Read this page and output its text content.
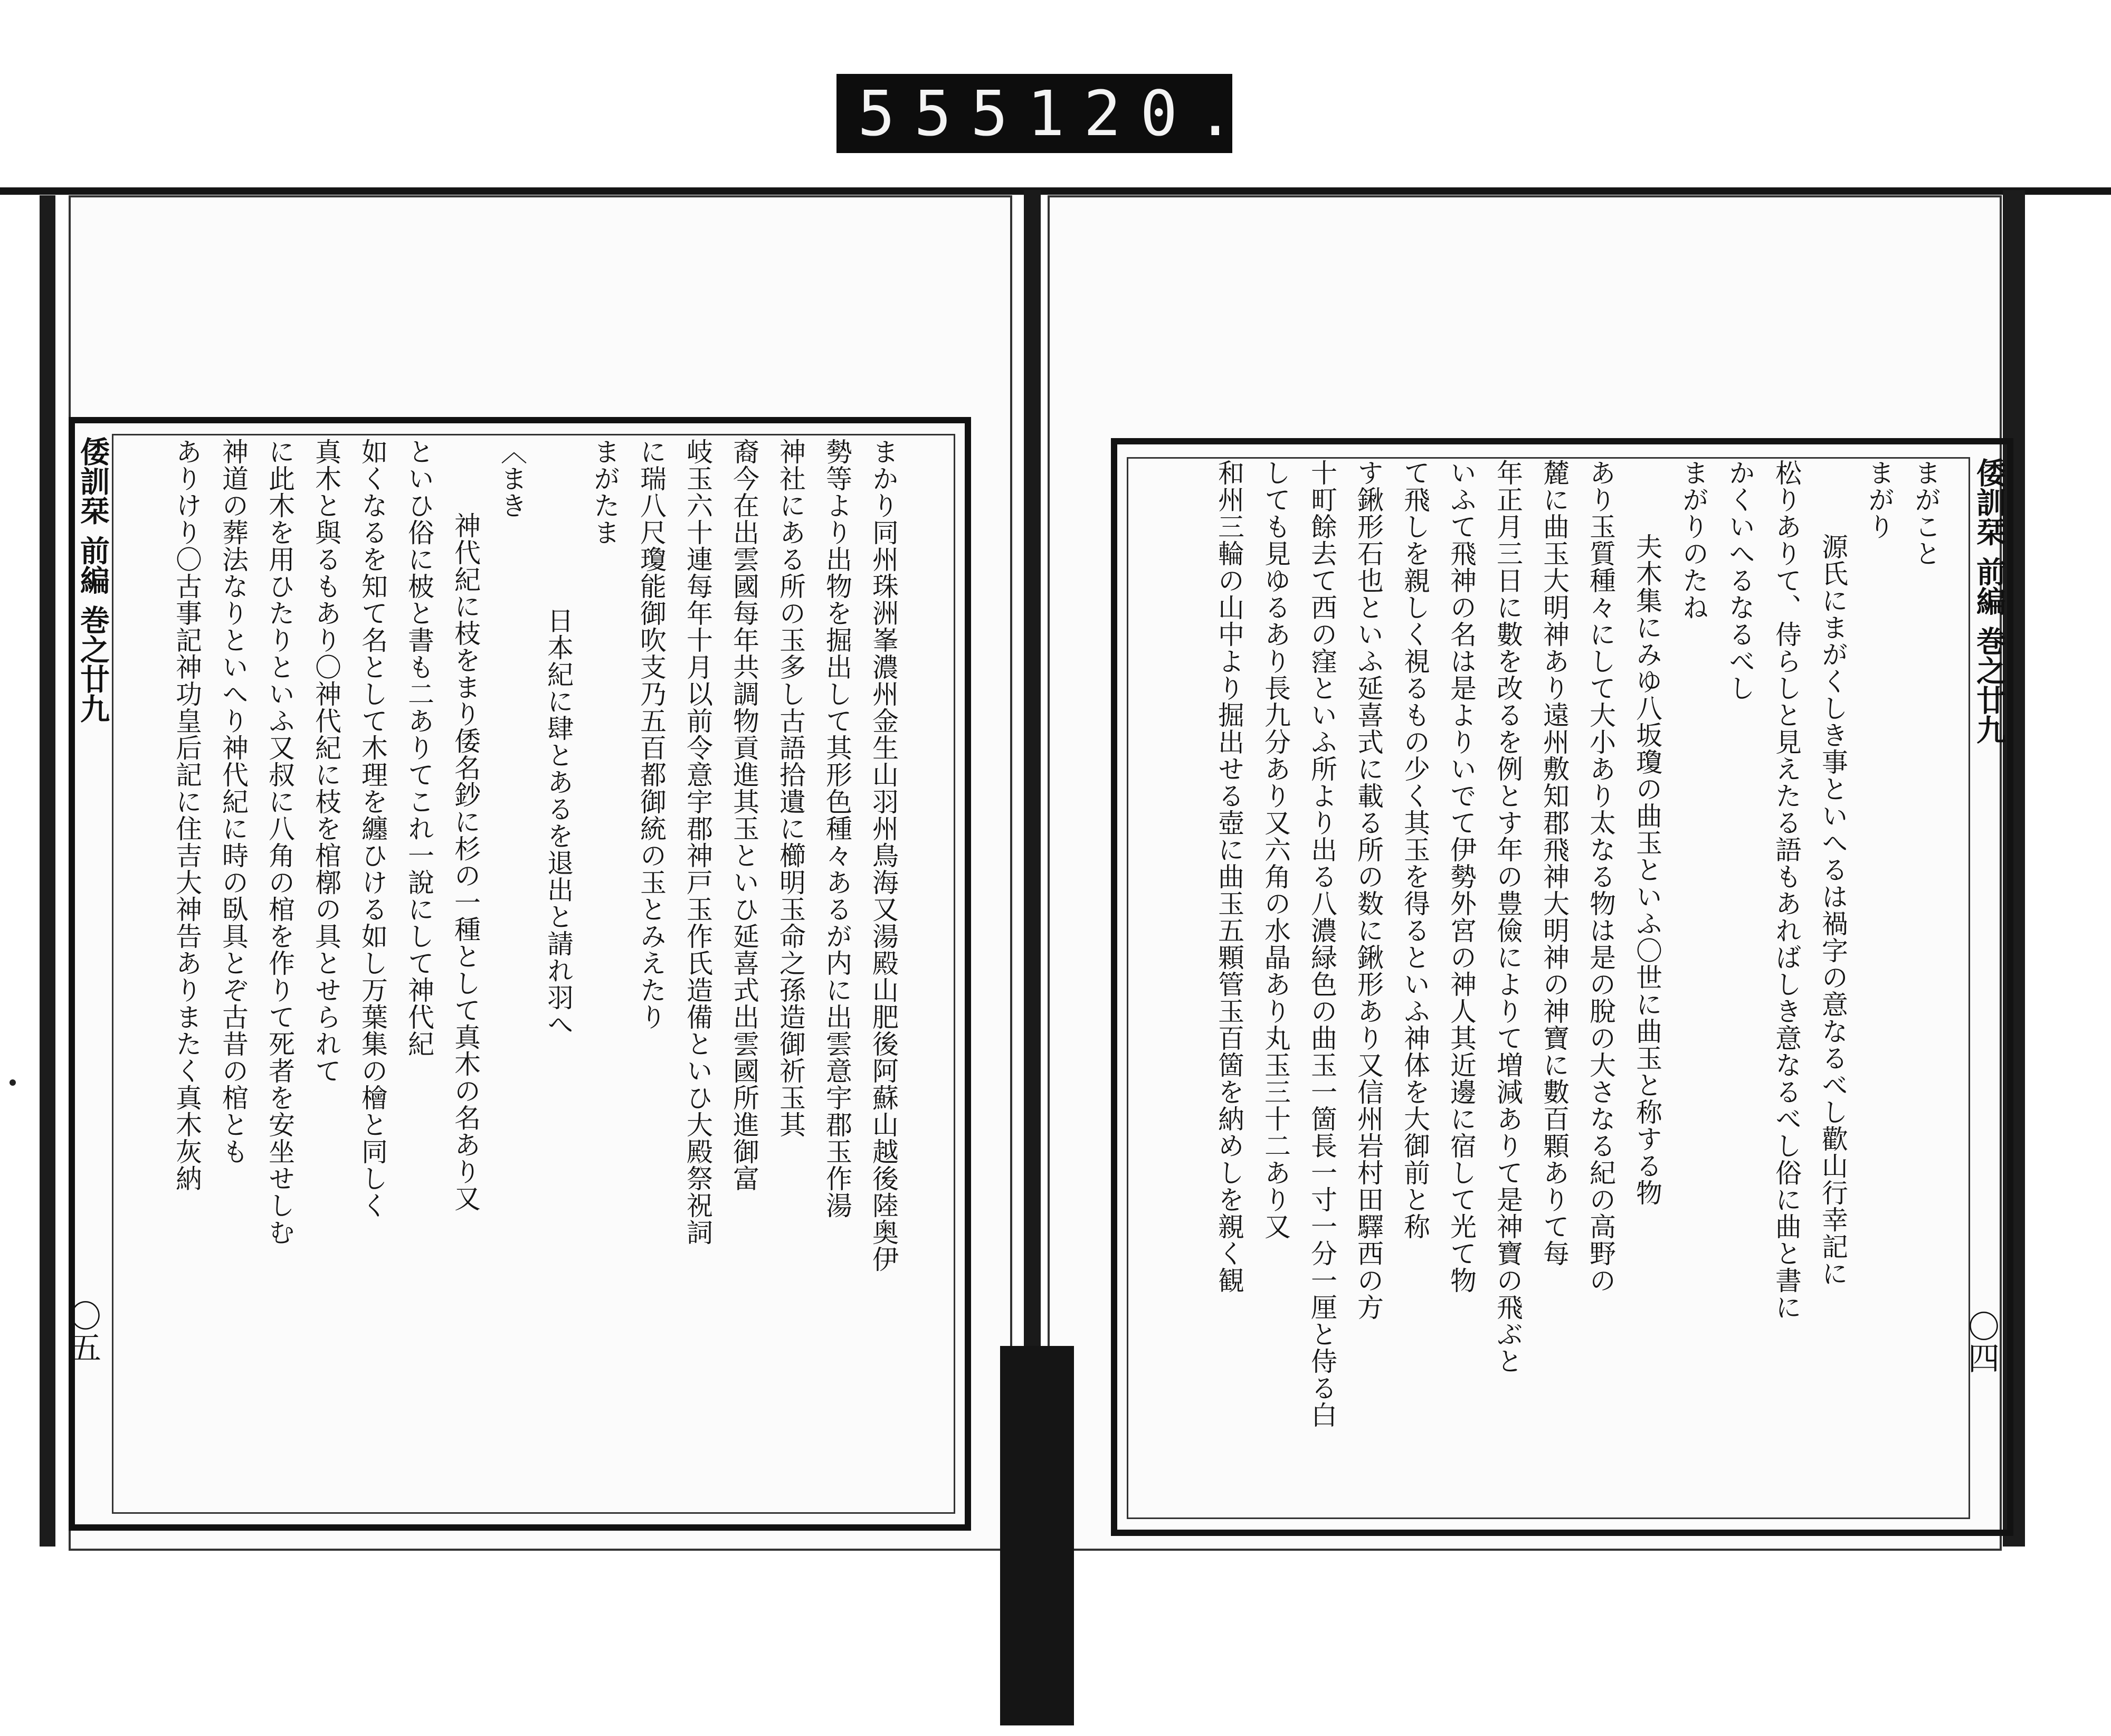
555 120.
倭訓栞 前編 巻之廿九
〇五
まかり同州珠洲峯濃州金生山羽州鳥海又湯殿山肥後阿蘇山越後陸奥伊
勢等より出物を掘出して其形色種々あるが内に出雲意宇郡玉作湯
神社にある所の玉多し古語拾遺に櫛明玉命之孫造御祈玉其
裔今在出雲國每年共調物貢進其玉といひ延喜式出雲國所進御富
岐玉六十連每年十月以前令意宇郡神戸玉作氏造備といひ大殿祭祝詞
に瑞八尺瓊能御吹支乃五百都御統の玉とみえたり
まがたま
日本紀に肆とあるを退出と請れ羽へ
〈まき
神代紀に枝をまり倭名鈔に杉の一種として真木の名あり又
といひ俗に柀と書も二ありてこれ一說にして神代紀
如くなるを知て名として木理を纏ひける如し万葉集の檜と同しく
真木と與るもあり〇神代紀に枝を棺槨の具とせられて
に此木を用ひたりといふ又叔に八角の棺を作りて死者を安坐せしむ
神道の葬法なりといへり神代紀に時の臥具とぞ古昔の棺とも
ありけり〇古事記神功皇后記に住吉大神告ありまたく真木灰納	倭訓栞 前編 巻之廿九
〇四
まがこと
まがり
源氏にまがくしき事といへるは禍字の意なるべし歡山行幸記に
松りありて、侍らしと見えたる語もあればしき意なるべし俗に曲と書に
かくいへるなるべし
まがりのたね
夫木集にみゆ八坂瓊の曲玉といふ〇世に曲玉と称する物
あり玉質種々にして大小あり太なる物は是の脫の大さなる紀の高野の
麓に曲玉大明神あり遠州敷知郡飛神大明神の神寶に數百顆ありて每
年正月三日に數を改るを例とす年の豊儉によりて増減ありて是神寶の飛ぶと
いふて飛神の名は是よりいでて伊勢外宮の神人其近邊に宿して光て物
て飛しを親しく視るもの少く其玉を得るといふ神体を大御前と称
す鍬形石也といふ延喜式に載る所の数に鍬形あり又信州岩村田驛西の方
十町餘去て西の窪といふ所より出る八濃緑色の曲玉一箇長一寸一分一厘と侍る白
しても見ゆるあり長九分あり又六角の水晶あり丸玉三十二あり又
和州三輪の山中より掘出せる壺に曲玉五顆管玉百箇を納めしを親く観
